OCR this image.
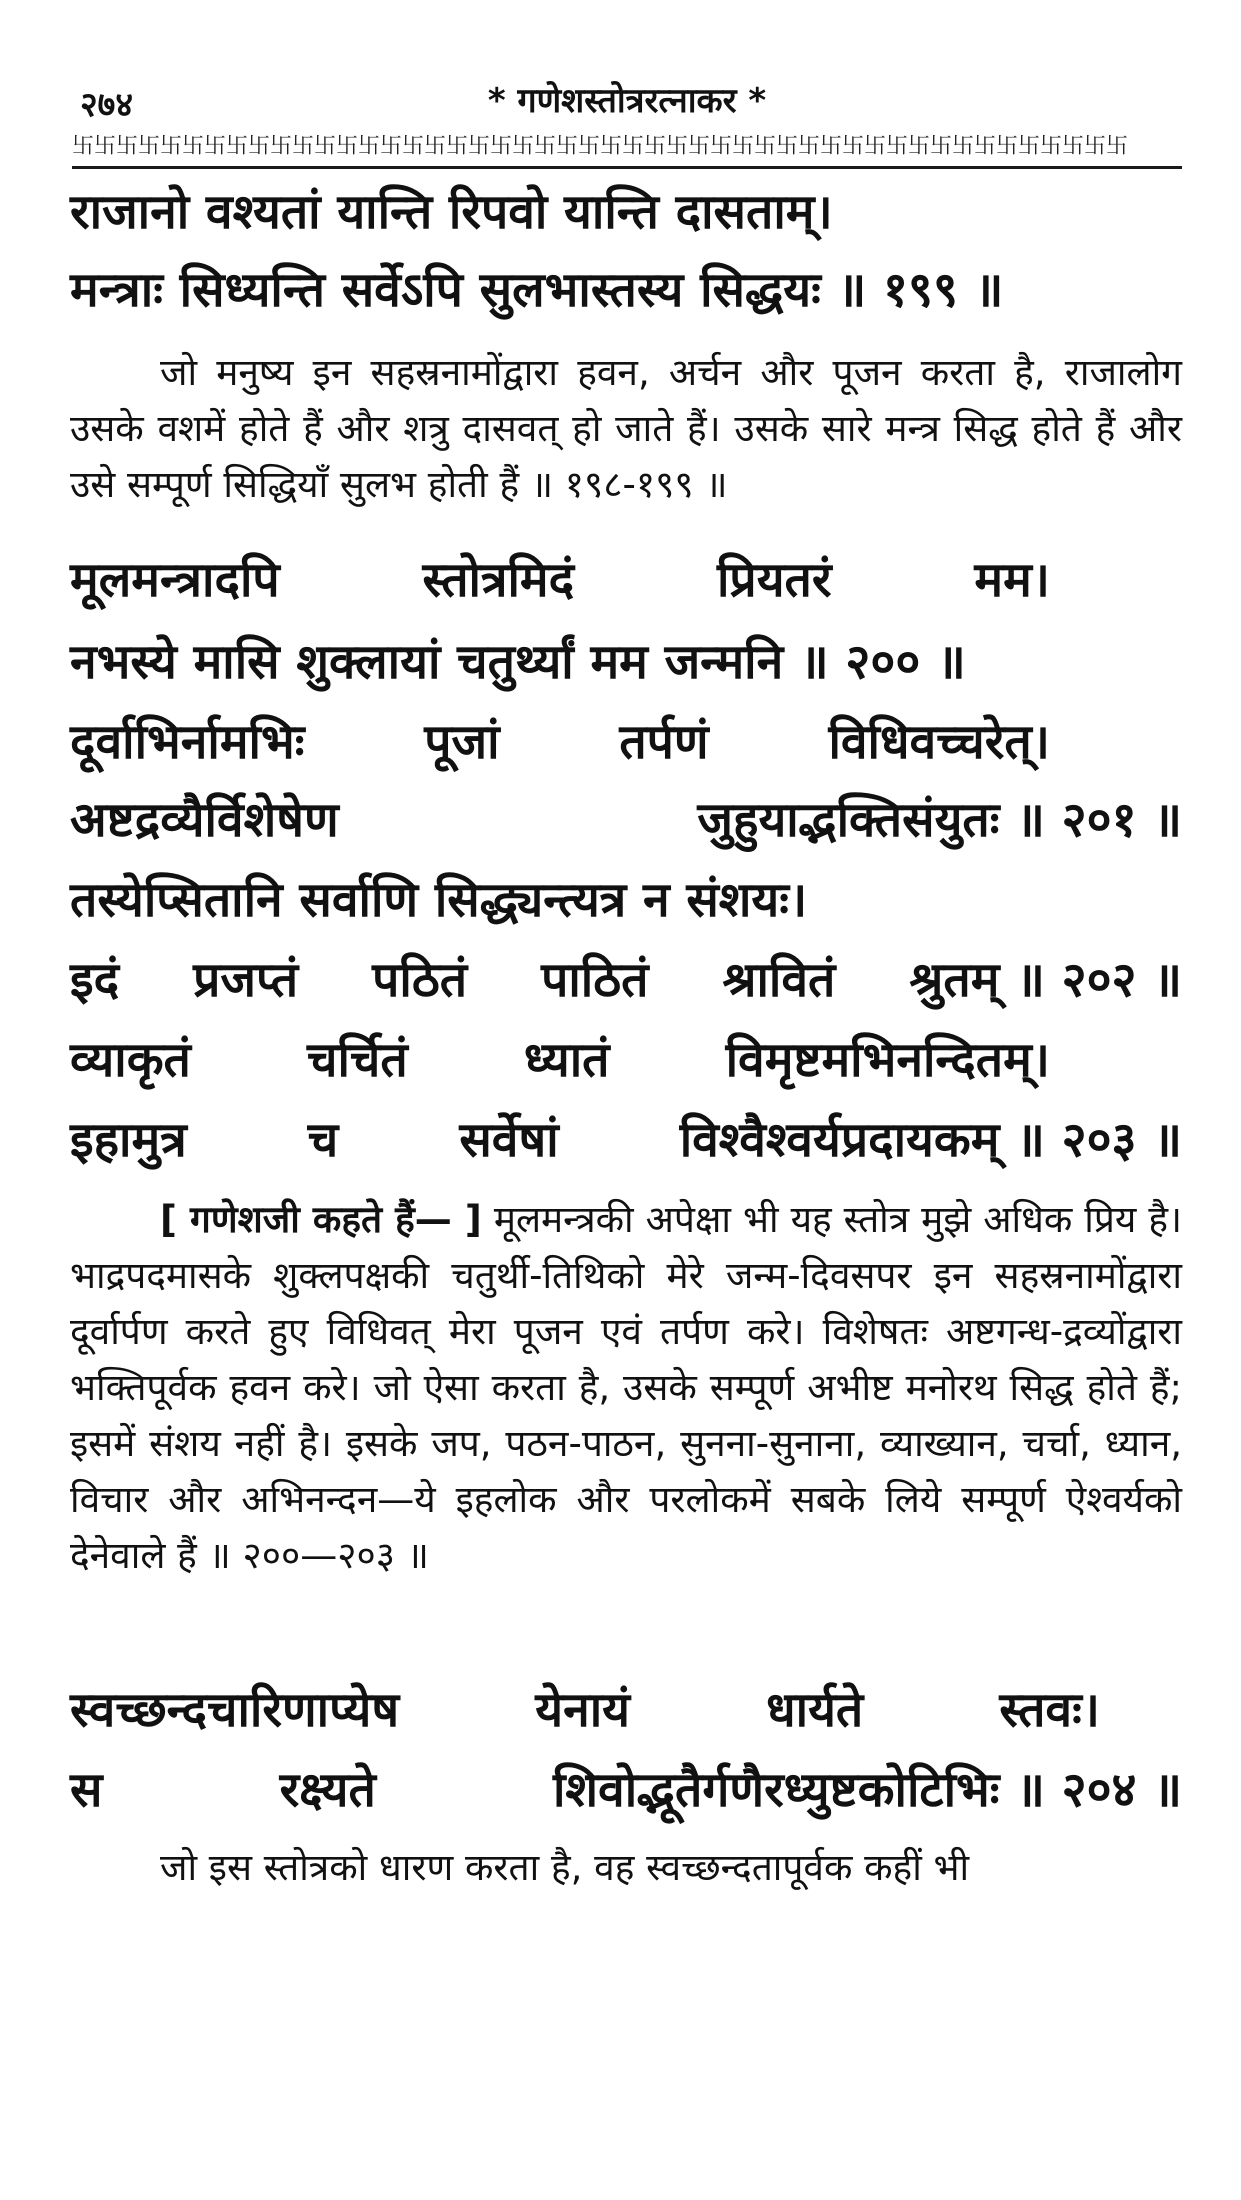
२७४	* गणेशस्तोत्ररत्नाकर *
卐卐卐卐卐卐卐卐卐卐卐卐卐卐卐卐卐卐卐卐卐卐卐卐卐卐卐卐卐卐卐卐卐卐卐卐卐卐卐卐卐卐卐卐卐卐卐卐
राजानो वश्यतां यान्ति रिपवो यान्ति दासताम्।
मन्त्राः सिध्यन्ति सर्वेऽपि सुलभास्तस्य सिद्धयः ॥ १९९ ॥
जो मनुष्य इन सहस्रनामोंद्वारा हवन, अर्चन और पूजन करता है, राजालोग उसके वशमें होते हैं और शत्रु दासवत् हो जाते हैं। उसके सारे मन्त्र सिद्ध होते हैं और उसे सम्पूर्ण सिद्धियाँ सुलभ होती हैं ॥ १९८-१९९ ॥
मूलमन्त्रादपि	स्तोत्रमिदं	प्रियतरं	मम।
नभस्ये मासि शुक्लायां चतुर्थ्यां मम जन्मनि ॥ २०० ॥
दूर्वाभिर्नामभिः पूजां तर्पणं विधिवच्चरेत्।
अष्टद्रव्यैर्विशेषेण	जुहुयाद्भक्तिसंयुतः ॥ २०१ ॥
तस्येप्सितानि सर्वाणि सिद्ध्यन्त्यत्र न संशयः।
इदं प्रजप्तं पठितं पाठितं श्रावितं श्रुतम् ॥ २०२ ॥
व्याकृतं चर्चितं ध्यातं विमृष्टमभिनन्दितम्।
इहामुत्र	च	सर्वेषां	विश्वैश्वर्यप्रदायकम् ॥ २०३ ॥
[ गणेशजी कहते हैं— ] मूलमन्त्रकी अपेक्षा भी यह स्तोत्र मुझे अधिक प्रिय है। भाद्रपदमासके शुक्लपक्षकी चतुर्थी-तिथिको मेरे जन्म-दिवसपर इन सहस्रनामोंद्वारा दूर्वार्पण करते हुए विधिवत् मेरा पूजन एवं तर्पण करे। विशेषतः अष्टगन्ध-द्रव्योंद्वारा भक्तिपूर्वक हवन करे। जो ऐसा करता है, उसके सम्पूर्ण अभीष्ट मनोरथ सिद्ध होते हैं; इसमें संशय नहीं है। इसके जप, पठन-पाठन, सुनना-सुनाना, व्याख्यान, चर्चा, ध्यान, विचार और अभिनन्दन—ये इहलोक और परलोकमें सबके लिये सम्पूर्ण ऐश्वर्यको देनेवाले हैं ॥ २००—२०३ ॥
स्वच्छन्दचारिणाप्येष	येनायं	धार्यते	स्तवः।
स	रक्ष्यते	शिवोद्भूतैर्गणैरध्युष्टकोटिभिः ॥ २०४ ॥
जो इस स्तोत्रको धारण करता है, वह स्वच्छन्दतापूर्वक कहीं भी
